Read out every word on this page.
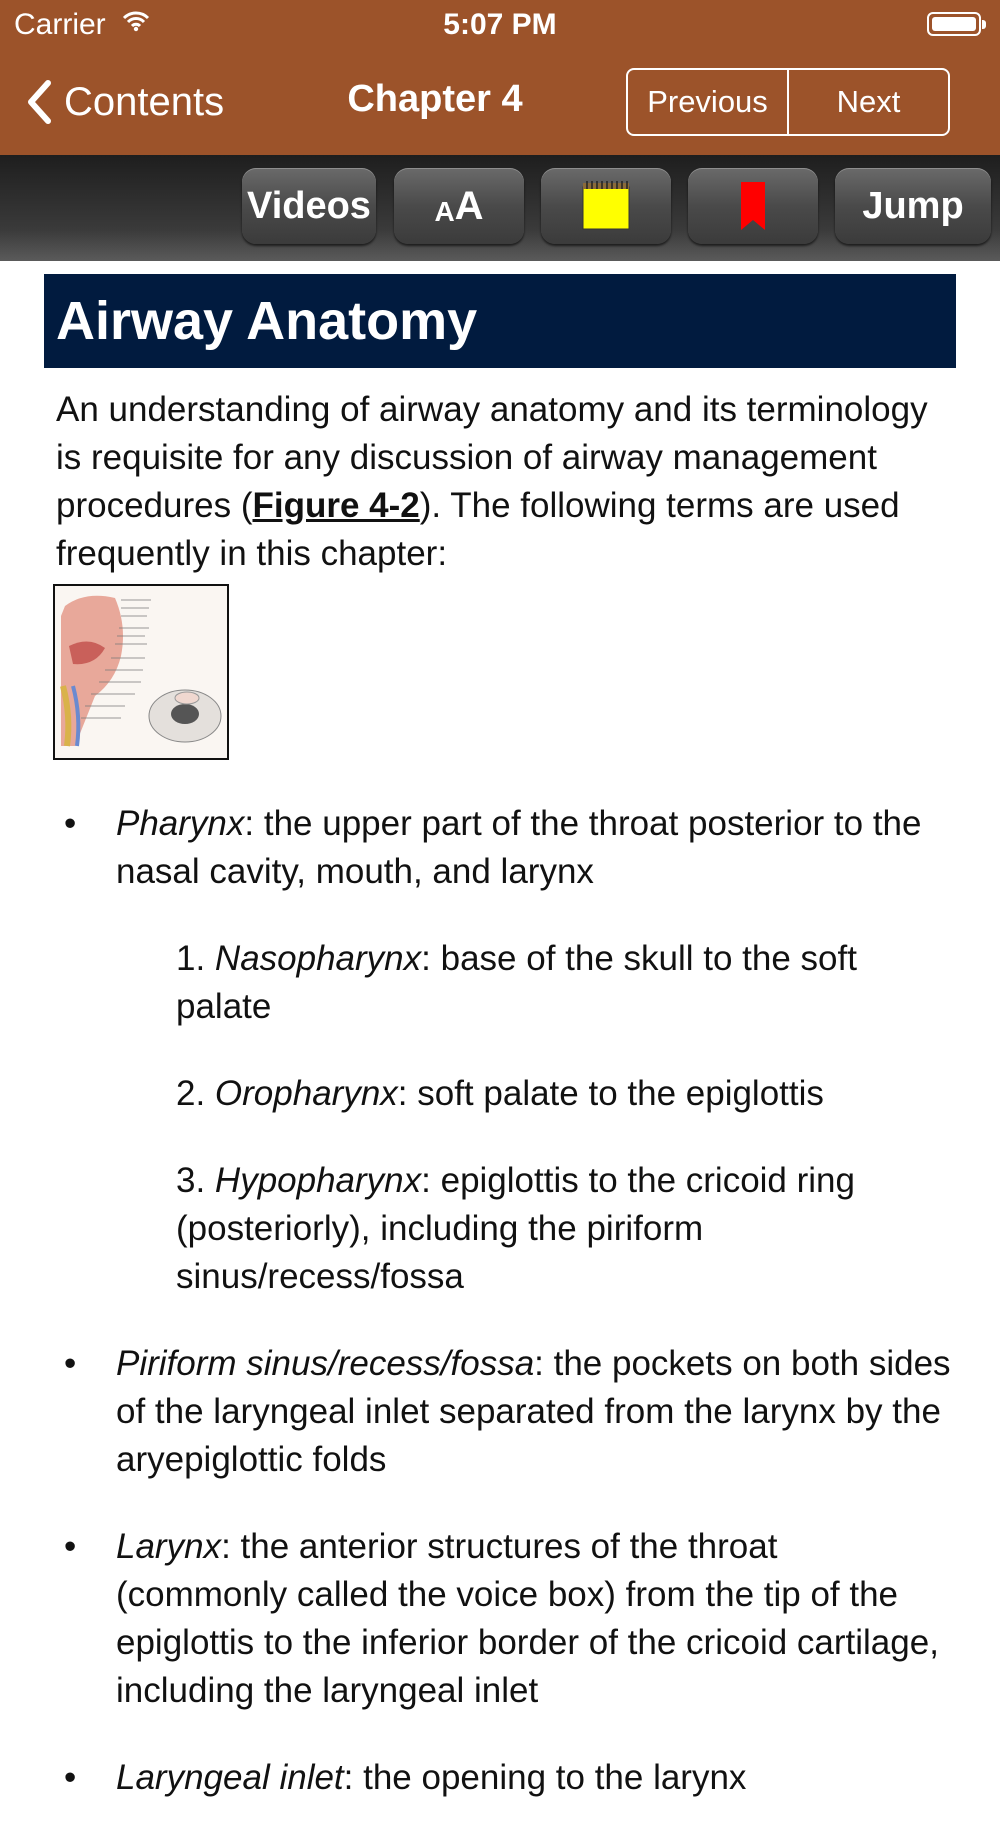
Carrier	5:07 PM
Contents	Chapter 4	Previous	Next
Videos A A	Jump
Airway Anatomy
An understanding of airway anatomy and its terminology is requisite for any discussion of airway management procedures (Figure 4-2). The following terms are used frequently in this chapter:
• Pharynx: the upper part of the throat posterior to the nasal cavity, mouth, and larynx
1. Nasopharynx: base of the skull to the soft palate
2. Oropharynx: soft palate to the epiglottis
3. Hypopharynx: epiglottis to the cricoid ring (posteriorly), including the piriform sinus/recess/fossa
• Piriform sinus/recess/fossa: the pockets on both sides of the laryngeal inlet separated from the larynx by the aryepiglottic folds
• Larynx: the anterior structures of the throat (commonly called the voice box) from the tip of the epiglottis to the inferior border of the cricoid cartilage, including the laryngeal inlet
• Laryngeal inlet: the opening to the larynx
